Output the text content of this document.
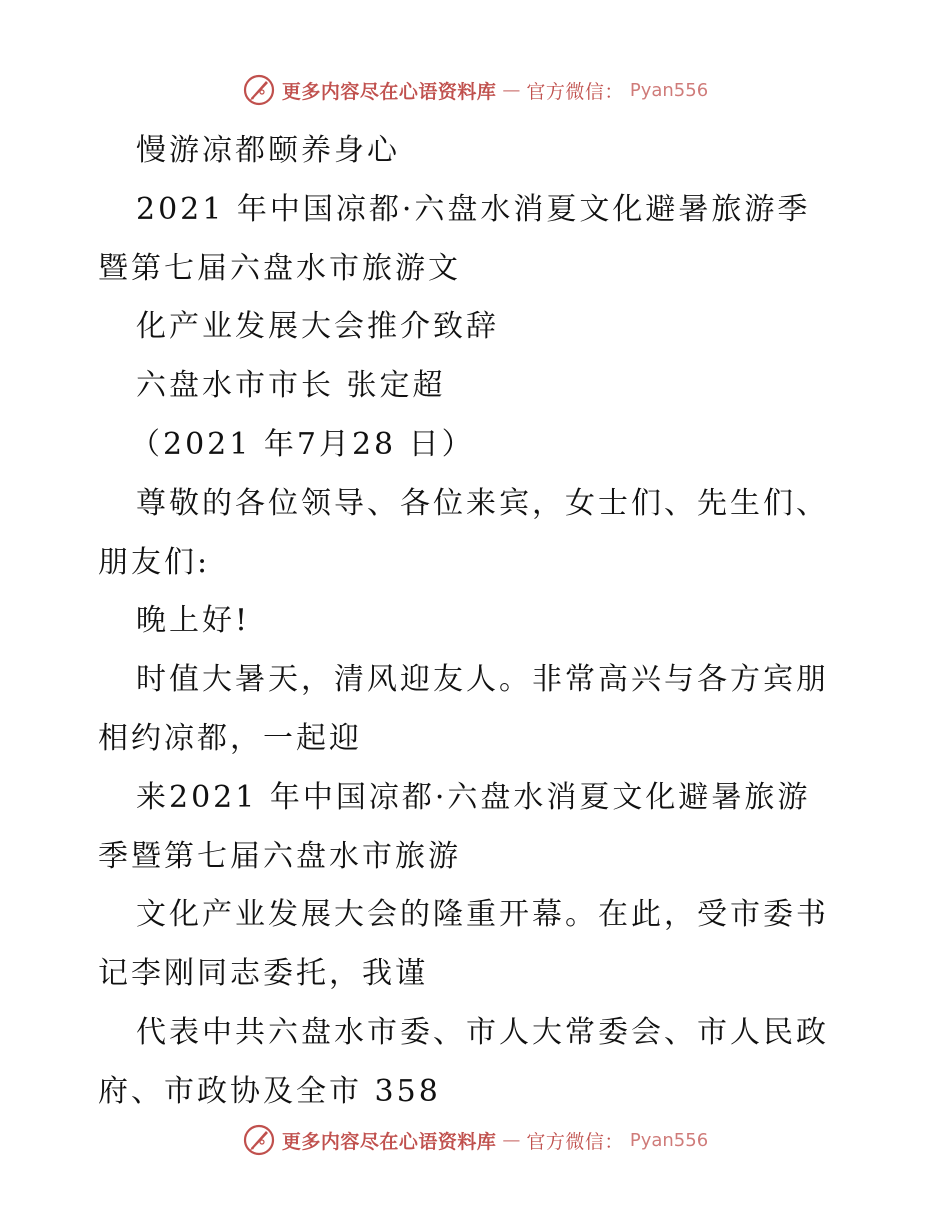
更多内容尽在心语资料库 — 官方微信： Pyan556
慢游凉都颐养身心
2021 年中国凉都·六盘水消夏文化避暑旅游季
暨第七届六盘水市旅游文
化产业发展大会推介致辞
六盘水市市长 张定超
（2021 年7月28 日）
尊敬的各位领导、各位来宾，女士们、先生们、
朋友们:
晚上好!
时值大暑天，清风迎友人。非常高兴与各方宾朋
相约凉都，一起迎
来2021 年中国凉都·六盘水消夏文化避暑旅游
季暨第七届六盘水市旅游
文化产业发展大会的隆重开幕。在此，受市委书
记李刚同志委托，我谨
代表中共六盘水市委、市人大常委会、市人民政
府、市政协及全市 358
更多内容尽在心语资料库 — 官方微信： Pyan556
